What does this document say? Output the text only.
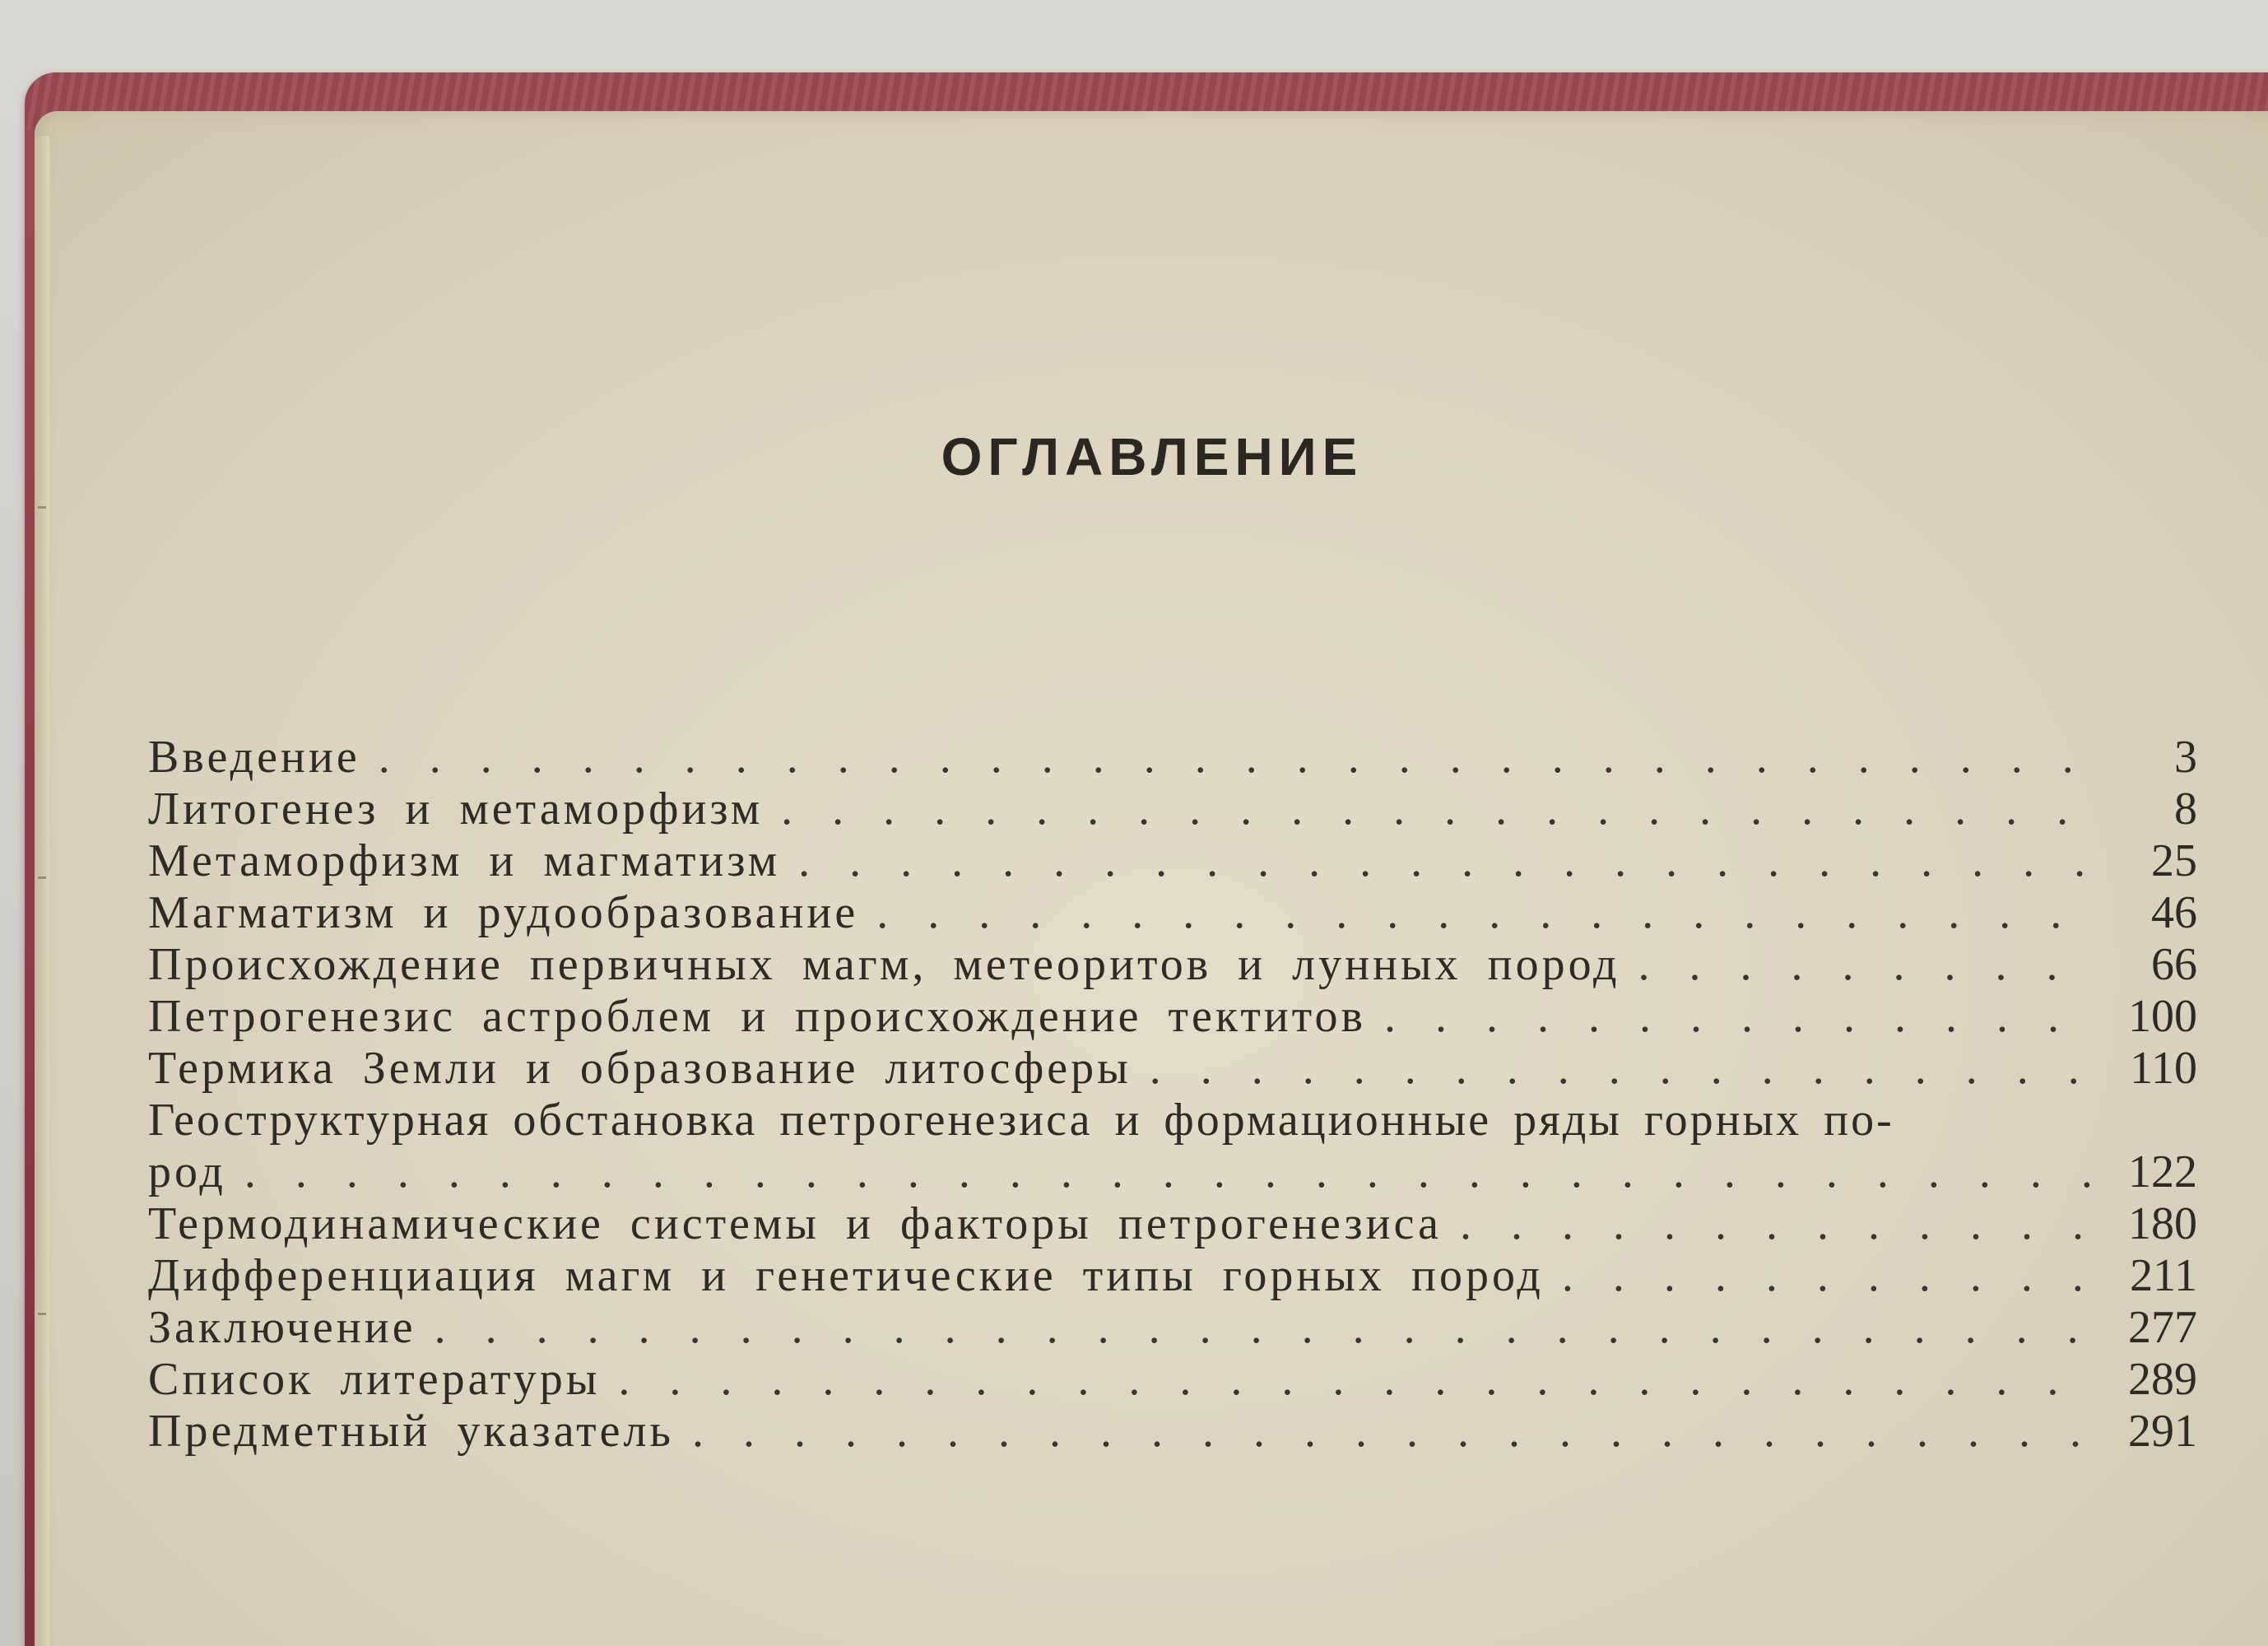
ОГЛАВЛЕНИЕ
Введение . . .	3
Литогенез и метаморфизм . . .	8
Метаморфизм и магматизм . . .	25
Магматизм и рудообразование . . .	46
Происхождение первичных магм, метеоритов и лунных пород . . .	66
Петрогенезис астроблем и происхождение тектитов . . .	100
Термика Земли и образование литосферы . . .	110
Геоструктурная обстановка петрогенезиса и формационные ряды горных по-
род . . .	122
Термодинамические системы и факторы петрогенезиса . . .	180
Дифференциация магм и генетические типы горных пород . . .	211
Заключение . . .	277
Список литературы . . .	289
Предметный указатель . . .	291
